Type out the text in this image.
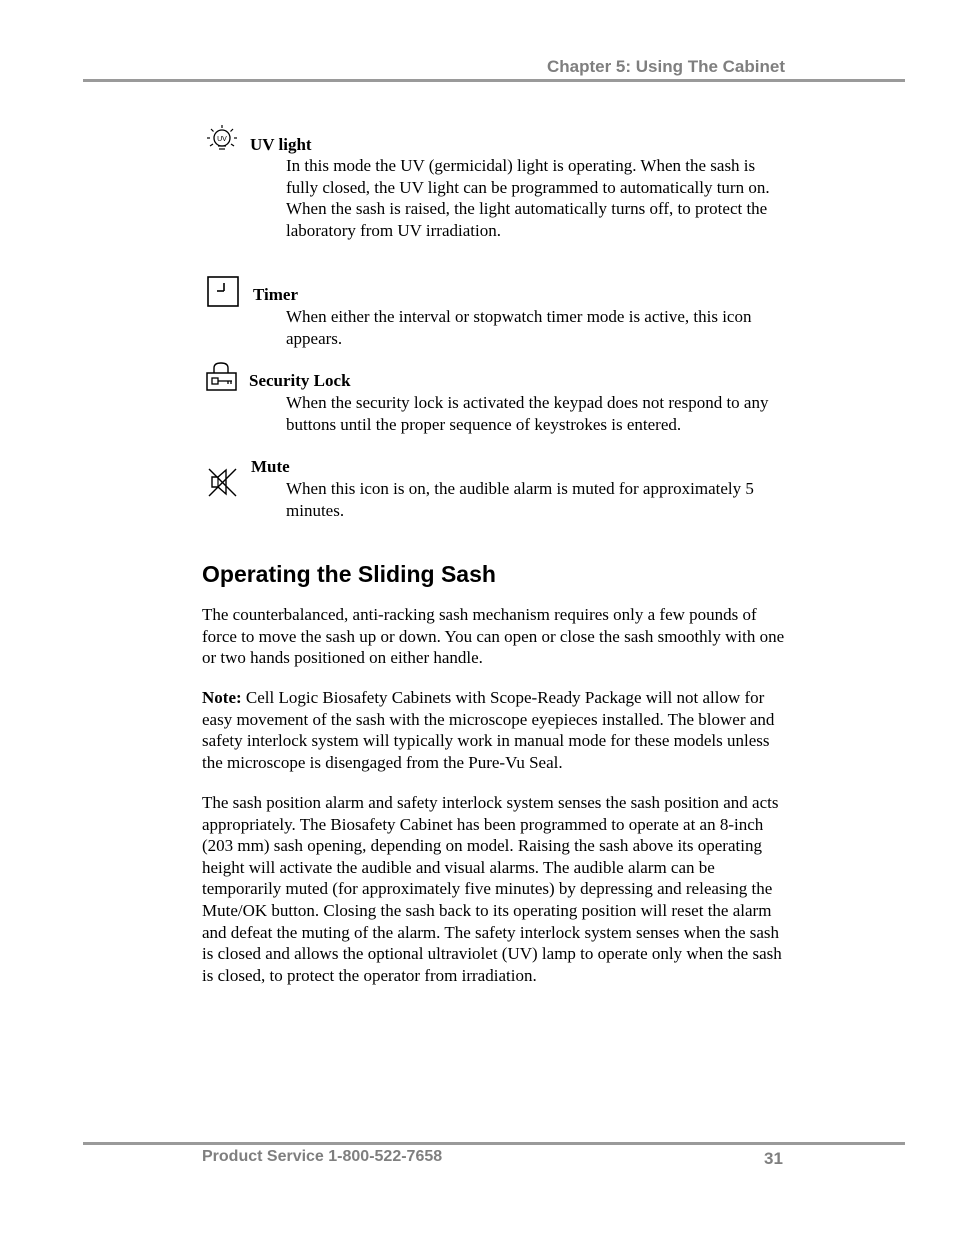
Chapter 5: Using The Cabinet
UV UV light
In this mode the UV (germicidal) light is operating. When the sash is fully closed, the UV light can be programmed to automatically turn on. When the sash is raised, the light automatically turns off, to protect the laboratory from UV irradiation.
Timer
When either the interval or stopwatch timer mode is active, this icon appears.
Security Lock
When the security lock is activated the keypad does not respond to any buttons until the proper sequence of keystrokes is entered.
Mute
When this icon is on, the audible alarm is muted for approximately 5 minutes.
Operating the Sliding Sash
The counterbalanced, anti-racking sash mechanism requires only a few pounds of force to move the sash up or down. You can open or close the sash smoothly with one or two hands positioned on either handle.
Note: Cell Logic Biosafety Cabinets with Scope-Ready Package will not allow for easy movement of the sash with the microscope eyepieces installed. The blower and safety interlock system will typically work in manual mode for these models unless the microscope is disengaged from the Pure-Vu Seal.
The sash position alarm and safety interlock system senses the sash position and acts appropriately. The Biosafety Cabinet has been programmed to operate at an 8-inch (203 mm) sash opening, depending on model. Raising the sash above its operating height will activate the audible and visual alarms. The audible alarm can be temporarily muted (for approximately five minutes) by depressing and releasing the Mute/OK button. Closing the sash back to its operating position will reset the alarm and defeat the muting of the alarm. The safety interlock system senses when the sash is closed and allows the optional ultraviolet (UV) lamp to operate only when the sash is closed, to protect the operator from irradiation.
Product Service 1-800-522-7658	31
